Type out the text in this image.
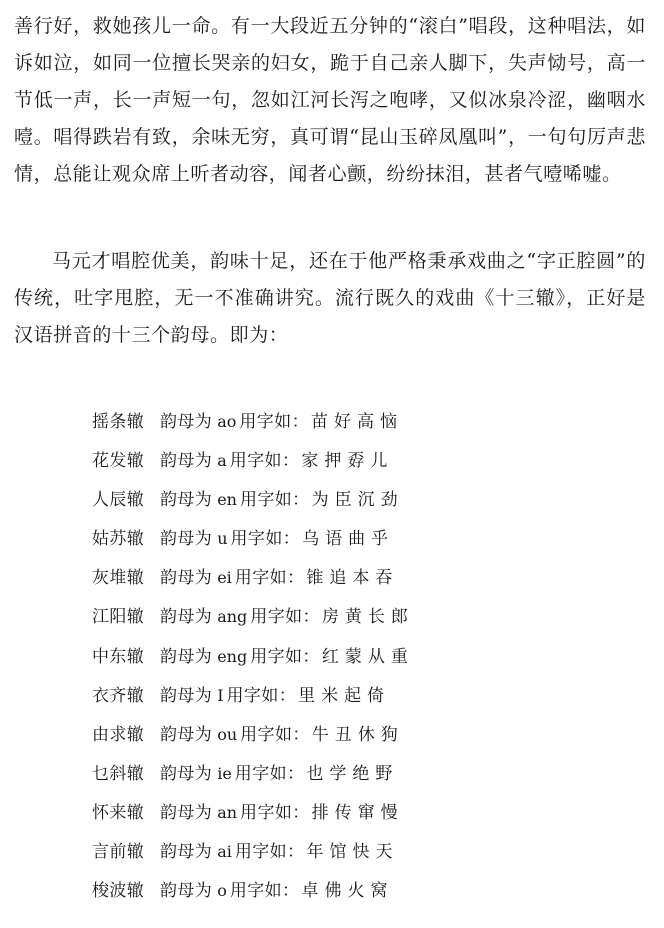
善行好，救她孩儿一命。有一大段近五分钟的“滚白”唱段，这种唱法，如诉如泣，如同一位擅长哭亲的妇女，跪于自己亲人脚下，失声恸号，高一节低一声，长一声短一句，忽如江河长泻之咆哮，又似冰泉冷涩，幽咽水噎。唱得跌岩有致，余味无穷，真可谓“昆山玉碎凤凰叫”，一句句厉声悲情，总能让观众席上听者动容，闻者心颤，纷纷抹泪，甚者气噎唏嘘。

马元才唱腔优美，韵味十足，还在于他严格秉承戏曲之“字正腔圆”的传统，吐字甩腔，无一不准确讲究。流行既久的戏曲《十三辙》，正好是汉语拼音的十三个韵母。即为：

摇条辙 韵母为 ao 用字如： 苗好高恼
花发辙 韵母为 a 用字如： 家押孬儿
人辰辙 韵母为 en 用字如： 为臣沉劲
姑苏辙 韵母为 u 用字如： 乌语曲乎
灰堆辙 韵母为 ei 用字如： 锥追本吞
江阳辙 韵母为 ang 用字如： 房黄长郎
中东辙 韵母为 eng 用字如： 红蒙从重
衣齐辙 韵母为 I 用字如： 里米起倚
由求辙 韵母为 ou 用字如： 牛丑休狗
乜斜辙 韵母为 ie 用字如： 也学绝野
怀来辙 韵母为 an 用字如： 排传窜慢
言前辙 韵母为 ai 用字如： 年馆快天
梭波辙 韵母为 o 用字如： 卓佛火窝
